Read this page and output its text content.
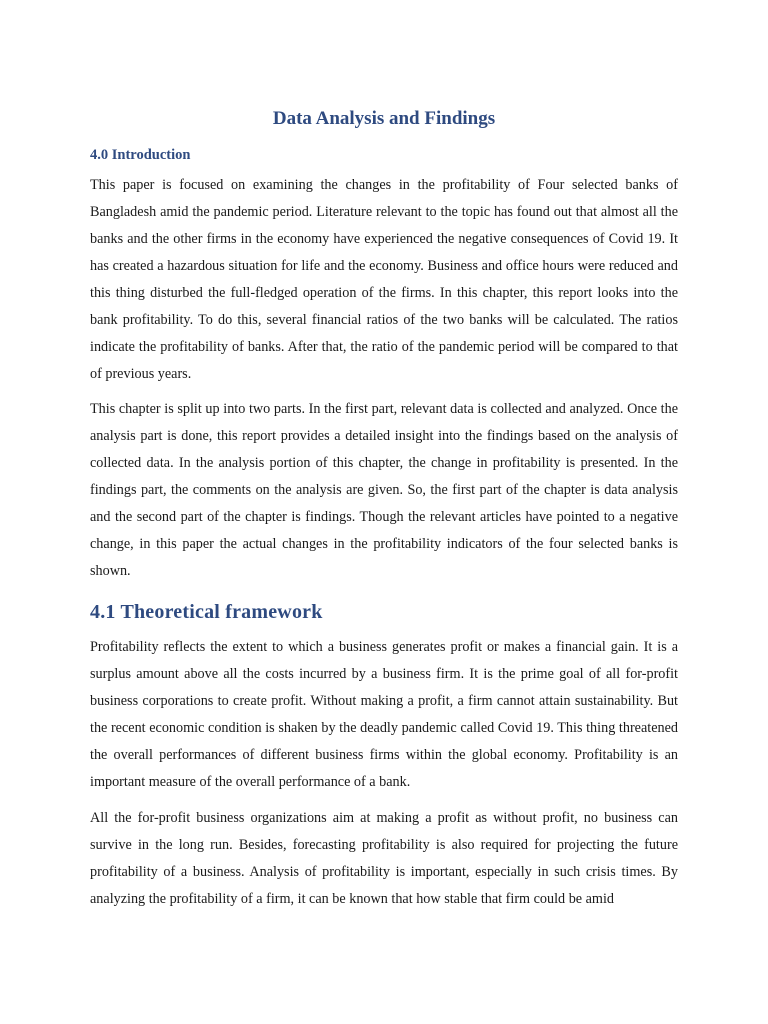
Data Analysis and Findings
4.0 Introduction

This paper is focused on examining the changes in the profitability of Four selected banks of Bangladesh amid the pandemic period. Literature relevant to the topic has found out that almost all the banks and the other firms in the economy have experienced the negative consequences of Covid 19. It has created a hazardous situation for life and the economy. Business and office hours were reduced and this thing disturbed the full-fledged operation of the firms. In this chapter, this report looks into the bank profitability. To do this, several financial ratios of the two banks will be calculated. The ratios indicate the profitability of banks. After that, the ratio of the pandemic period will be compared to that of previous years.

This chapter is split up into two parts. In the first part, relevant data is collected and analyzed. Once the analysis part is done, this report provides a detailed insight into the findings based on the analysis of collected data. In the analysis portion of this chapter, the change in profitability is presented. In the findings part, the comments on the analysis are given. So, the first part of the chapter is data analysis and the second part of the chapter is findings. Though the relevant articles have pointed to a negative change, in this paper the actual changes in the profitability indicators of the four selected banks is shown.

4.1 Theoretical framework

Profitability reflects the extent to which a business generates profit or makes a financial gain. It is a surplus amount above all the costs incurred by a business firm. It is the prime goal of all for-profit business corporations to create profit. Without making a profit, a firm cannot attain sustainability. But the recent economic condition is shaken by the deadly pandemic called Covid 19. This thing threatened the overall performances of different business firms within the global economy. Profitability is an important measure of the overall performance of a bank.

All the for-profit business organizations aim at making a profit as without profit, no business can survive in the long run. Besides, forecasting profitability is also required for projecting the future profitability of a business. Analysis of profitability is important, especially in such crisis times. By analyzing the profitability of a firm, it can be known that how stable that firm could be amid
